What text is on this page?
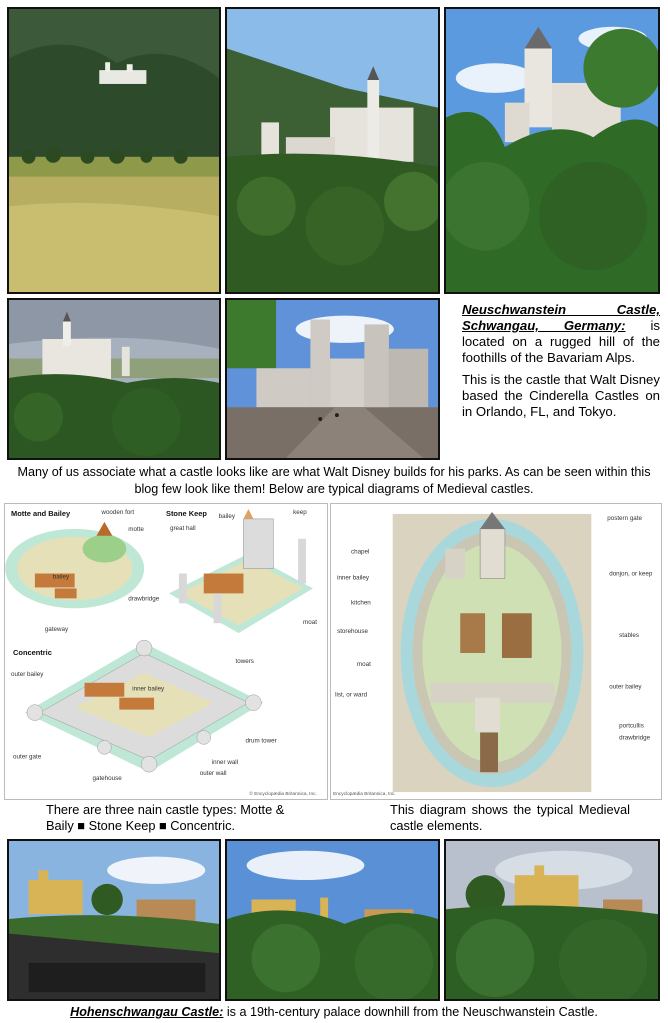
Neuschwanstein Castle, Schwangau, Germany: is located on a rugged hill of the foothills of the Bavariam Alps.

This is the castle that Walt Disney based the Cinderella Castles on in Orlando, FL, and Tokyo.

Many of us associate what a castle looks like are what Walt Disney builds for his parks. As can be seen within this blog few look like them! Below are typical diagrams of Medieval castles.
Motte and Bailey	wooden fort
motte
bailey
gateway
Stone Keep
great hall
bailey
keep
drawbridge
moat
Concentric
towers
outer bailey
inner bailey
drum tower
inner wall
outer gate
outer wall
gatehouse
© Encyclopædia Britannica, Inc.
postern gate
chapel
donjon, or keep
inner bailey
kitchen
storehouse
stables
moat
outer bailey
list, or ward
portcullis
drawbridge
Encyclopædia Britannica, Inc.
There are three nain castle types: Motte & Baily ■ Stone Keep ■ Concentric.
This diagram shows the typical Medieval castle elements.
Hohenschwangau Castle: is a 19th-century palace downhill from the Neuschwanstein Castle.
